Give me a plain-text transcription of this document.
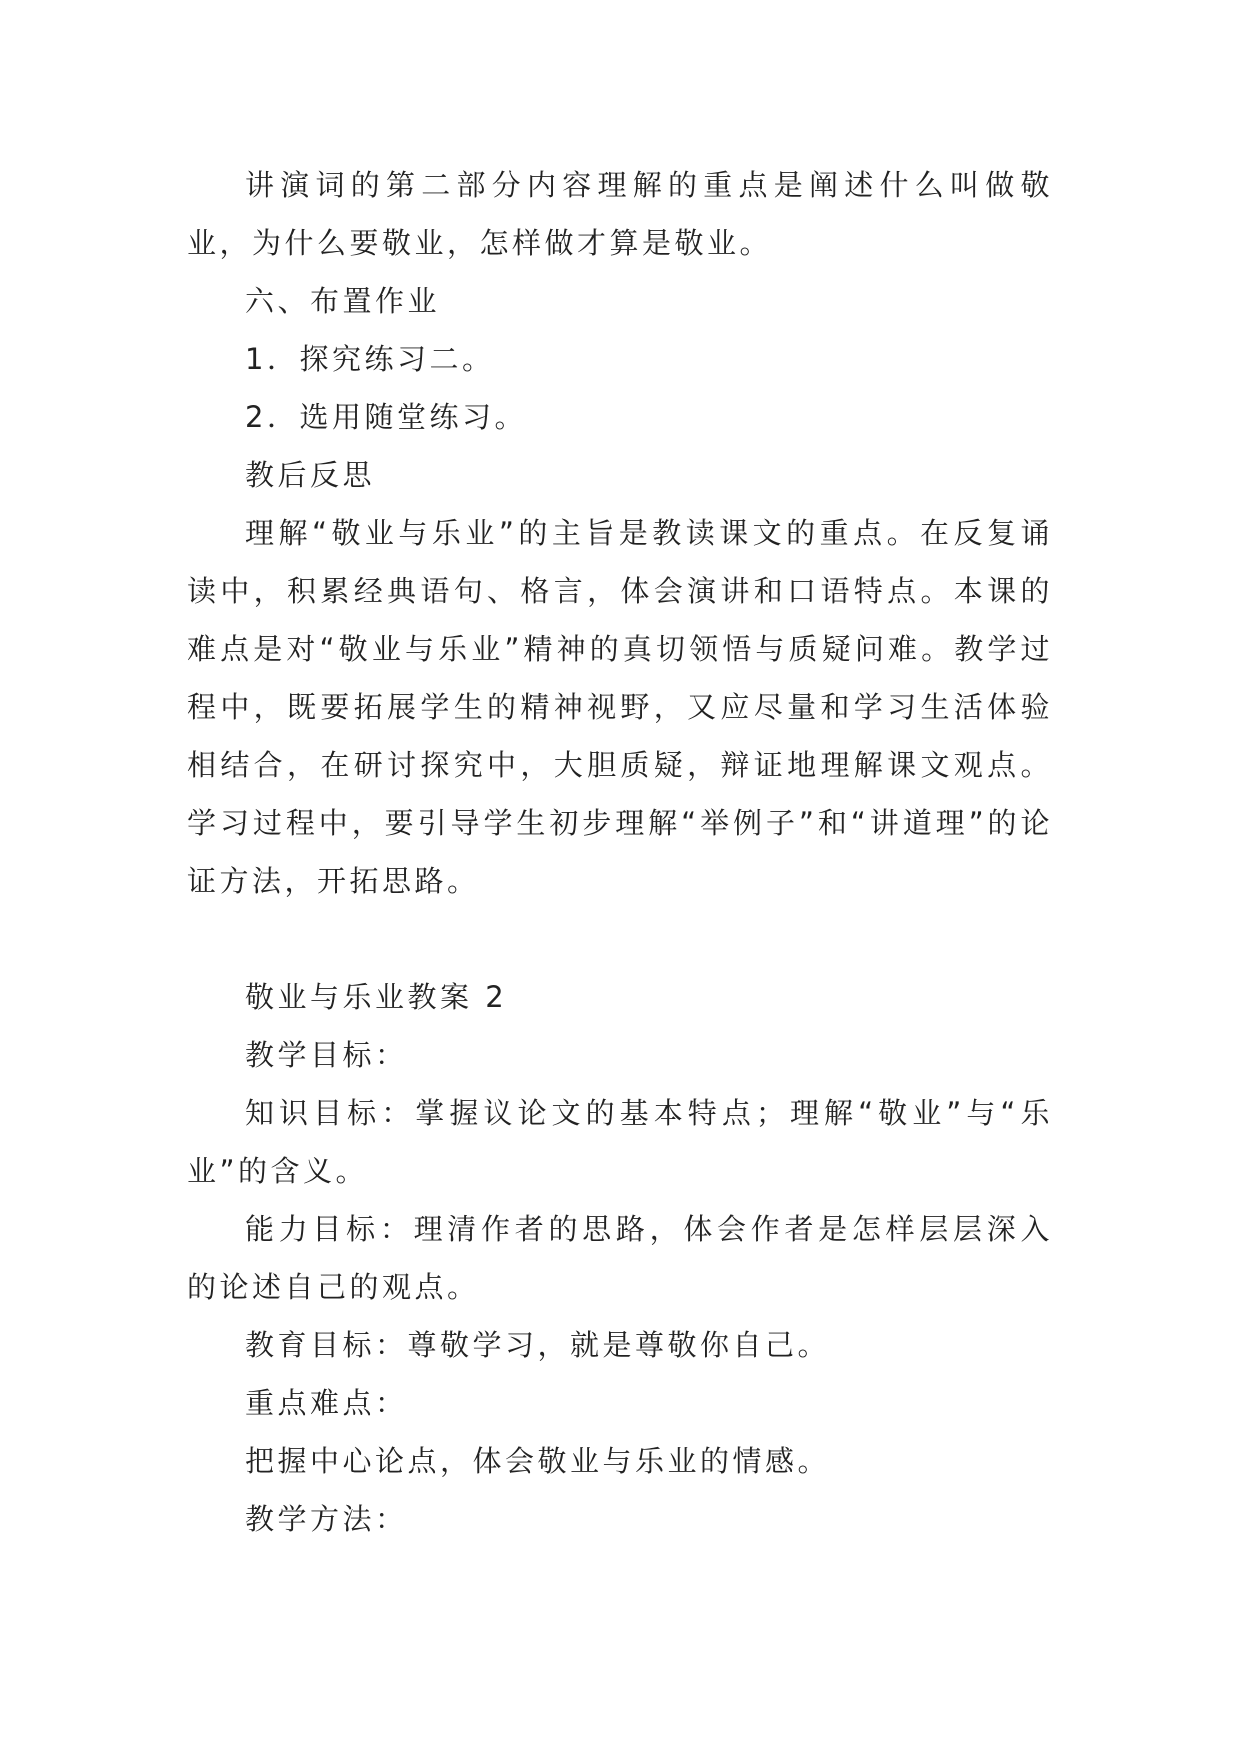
讲演词的第二部分内容理解的重点是阐述什么叫做敬业，为什么要敬业，怎样做才算是敬业。

六、布置作业

1．探究练习二。

2．选用随堂练习。

教后反思

理解“敬业与乐业”的主旨是教读课文的重点。在反复诵读中，积累经典语句、格言，体会演讲和口语特点。本课的难点是对“敬业与乐业”精神的真切领悟与质疑问难。教学过程中，既要拓展学生的精神视野，又应尽量和学习生活体验相结合，在研讨探究中，大胆质疑，辩证地理解课文观点。学习过程中，要引导学生初步理解“举例子”和“讲道理”的论证方法，开拓思路。

敬业与乐业教案 2

教学目标：

知识目标：掌握议论文的基本特点；理解“敬业”与“乐业”的含义。

能力目标：理清作者的思路，体会作者是怎样层层深入的论述自己的观点。

教育目标：尊敬学习，就是尊敬你自己。

重点难点：

把握中心论点，体会敬业与乐业的情感。

教学方法：
